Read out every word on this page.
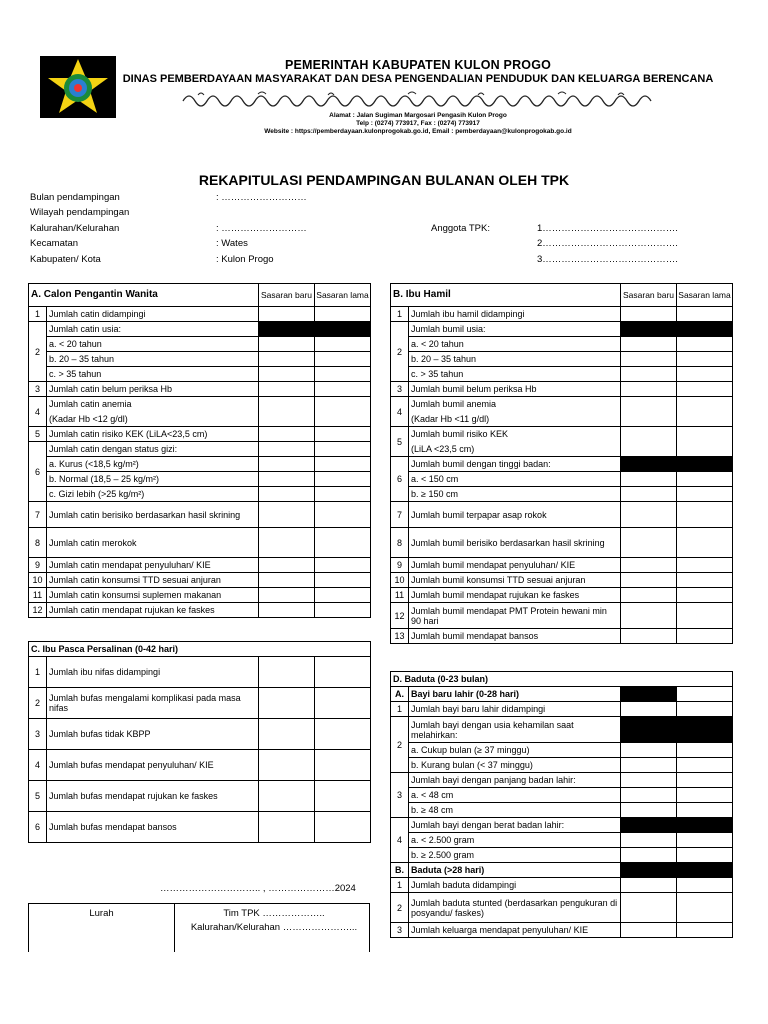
PEMERINTAH KABUPATEN KULON PROGO
DINAS PEMBERDAYAAN MASYARAKAT DAN DESA PENGENDALIAN PENDUDUK DAN KELUARGA BERENCANA
Alamat : Jalan Sugiman Margosari Pengasih Kulon Progo
Telp : (0274) 773917, Fax : (0274) 773917
Website : https://pemberdayaan.kulonprogokab.go.id, Email : pemberdayaan@kulonprogokab.go.id
REKAPITULASI PENDAMPINGAN BULANAN OLEH TPK
Bulan pendampingan	: ………………………
Wilayah pendampingan
Kalurahan/Kelurahan	: ………………………
Kecamatan	: Wates
Kabupaten/ Kota	: Kulon Progo
Anggota TPK:	1…………………………………….
2…………………………………….
3…………………………………….
A. Calon Pengantin Wanita		Sasaran baru	Sasaran lama
1	Jumlah catin didampingi		
2	Jumlah catin usia:		
	a. < 20 tahun		
	b. 20 – 35 tahun		
	c. > 35 tahun		
3	Jumlah catin belum periksa Hb		
4	Jumlah catin anemia		
	(Kadar Hb <12 g/dl)		
5	Jumlah catin risiko KEK (LiLA<23,5 cm)		
6	Jumlah catin dengan status gizi:		
	a. Kurus (<18,5 kg/m²)		
	b. Normal (18,5 – 25 kg/m²)		
	c. Gizi lebih (>25 kg/m²)		
7	Jumlah catin berisiko berdasarkan hasil skrining		
8	Jumlah catin merokok		
9	Jumlah catin mendapat penyuluhan/ KIE		
10	Jumlah catin konsumsi TTD sesuai anjuran		
11	Jumlah catin konsumsi suplemen makanan		
12	Jumlah catin mendapat rujukan ke faskes		
B. Ibu Hamil		Sasaran baru	Sasaran lama
1	Jumlah ibu hamil didampingi		
2	Jumlah bumil usia:		
	a. < 20 tahun		
	b. 20 – 35 tahun		
	c. > 35 tahun		
3	Jumlah bumil belum periksa Hb		
4	Jumlah bumil anemia		
	(Kadar Hb <11 g/dl)		
5	Jumlah bumil risiko KEK		
	(LiLA <23,5 cm)		
6	Jumlah bumil dengan tinggi badan:		
	a. < 150 cm		
	b. ≥ 150 cm		
7	Jumlah bumil terpapar asap rokok		
8	Jumlah bumil berisiko berdasarkan hasil skrining		
9	Jumlah bumil mendapat penyuluhan/ KIE		
10	Jumlah bumil konsumsi TTD sesuai anjuran		
11	Jumlah bumil mendapat rujukan ke faskes		
12	Jumlah bumil mendapat PMT Protein hewani min 90 hari		
13	Jumlah bumil mendapat bansos		
C. Ibu Pasca Persalinan (0-42 hari)			
1	Jumlah ibu nifas didampingi		
2	Jumlah bufas mengalami komplikasi pada masa nifas		
3	Jumlah bufas tidak KBPP		
4	Jumlah bufas mendapat penyuluhan/ KIE		
5	Jumlah bufas mendapat rujukan ke faskes		
6	Jumlah bufas mendapat bansos		
D. Baduta (0-23 bulan)			
A.	Bayi baru lahir (0-28 hari)		
1	Jumlah bayi baru lahir didampingi		
2	Jumlah bayi dengan usia kehamilan saat melahirkan:		
	a. Cukup bulan (≥ 37 minggu)		
	b. Kurang bulan (< 37 minggu)		
3	Jumlah bayi dengan panjang badan lahir:		
	a. < 48 cm		
	b. ≥ 48 cm		
4	Jumlah bayi dengan berat badan lahir:		
	a. < 2.500 gram		
	b. ≥ 2.500 gram		
B.	Baduta (>28 hari)		
1	Jumlah baduta didampingi		
2	Jumlah baduta stunted (berdasarkan pengukuran di posyandu/ faskes)		
3	Jumlah keluarga mendapat penyuluhan/ KIE		
………………………….. , …………………2024
Lurah	Tim TPK ………………..
Kalurahan/Kelurahan …………………...
